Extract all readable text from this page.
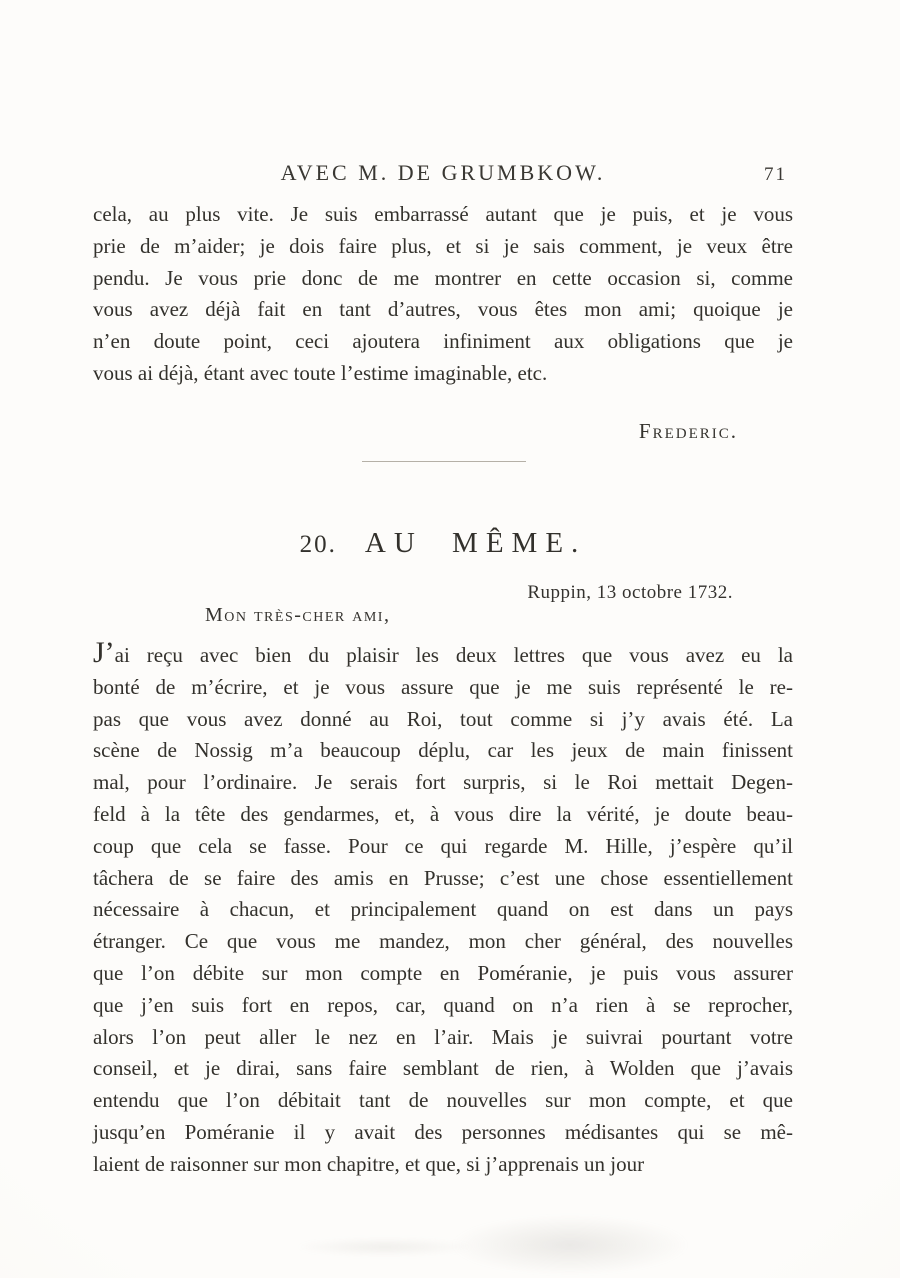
AVEC M. DE GRUMBKOW.	71
cela, au plus vite. Je suis embarrassé autant que je puis, et je vous
prie de m’aider; je dois faire plus, et si je sais comment, je veux être
pendu. Je vous prie donc de me montrer en cette occasion si, comme
vous avez déjà fait en tant d’autres, vous êtes mon ami; quoique je
n’en doute point, ceci ajoutera infiniment aux obligations que je
vous ai déjà, étant avec toute l’estime imaginable, etc.
Frederic.
20. AU MÊME.
Ruppin, 13 octobre 1732.
Mon très-cher ami,
J’ai reçu avec bien du plaisir les deux lettres que vous avez eu la
bonté de m’écrire, et je vous assure que je me suis représenté le re-
pas que vous avez donné au Roi, tout comme si j’y avais été. La
scène de Nossig m’a beaucoup déplu, car les jeux de main finissent
mal, pour l’ordinaire. Je serais fort surpris, si le Roi mettait Degen-
feld à la tête des gendarmes, et, à vous dire la vérité, je doute beau-
coup que cela se fasse. Pour ce qui regarde M. Hille, j’espère qu’il
tâchera de se faire des amis en Prusse; c’est une chose essentiellement
nécessaire à chacun, et principalement quand on est dans un pays
étranger. Ce que vous me mandez, mon cher général, des nouvelles
que l’on débite sur mon compte en Poméranie, je puis vous assurer
que j’en suis fort en repos, car, quand on n’a rien à se reprocher,
alors l’on peut aller le nez en l’air. Mais je suivrai pourtant votre
conseil, et je dirai, sans faire semblant de rien, à Wolden que j’avais
entendu que l’on débitait tant de nouvelles sur mon compte, et que
jusqu’en Poméranie il y avait des personnes médisantes qui se mê-
laient de raisonner sur mon chapitre, et que, si j’apprenais un jour
